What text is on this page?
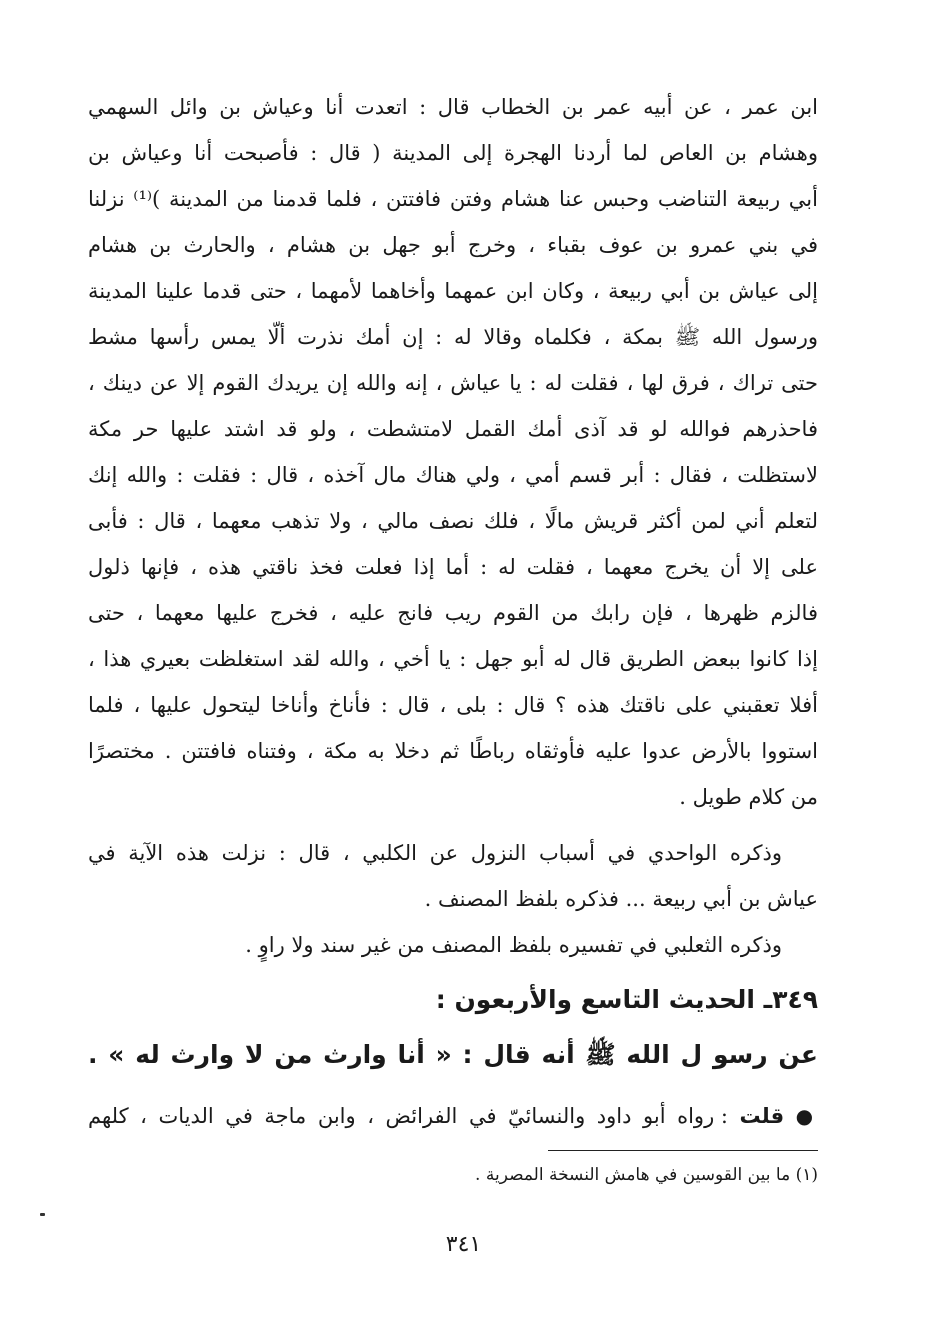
ابن عمر ، عن أبيه عمر بن الخطاب قال : اتعدت أنا وعياش بن وائل السهمي
وهشام بن العاص لما أردنا الهجرة إلى المدينة ( قال : فأصبحت أنا وعياش بن
أبي ربيعة التناضب وحبس عنا هشام وفتن فافتتن ، فلما قدمنا من المدينة )⁽¹⁾ نزلنا
في بني عمرو بن عوف بقباء ، وخرج أبو جهل بن هشام ، والحارث بن هشام
إلى عياش بن أبي ربيعة ، وكان ابن عمهما وأخاهما لأمهما ، حتى قدما علينا المدينة
ورسول الله ﷺ بمكة ، فكلماه وقالا له : إن أمك نذرت ألّا يمس رأسها مشط
حتى تراك ، فرق لها ، فقلت له : يا عياش ، إنه والله إن يريدك القوم إلا عن دينك ،
فاحذرهم فوالله لو قد آذى أمك القمل لامتشطت ، ولو قد اشتد عليها حر مكة
لاستظلت ، فقال : أبر قسم أمي ، ولي هناك مال آخذه ، قال : فقلت : والله إنك
لتعلم أني لمن أكثر قريش مالًا ، فلك نصف مالي ، ولا تذهب معهما ، قال : فأبى
على إلا أن يخرج معهما ، فقلت له : أما إذا فعلت فخذ ناقتي هذه ، فإنها ذلول
فالزم ظهرها ، فإن رابك من القوم ريب فانج عليه ، فخرج عليها معهما ، حتى
إذا كانوا ببعض الطريق قال له أبو جهل : يا أخي ، والله لقد استغلظت بعيري هذا ،
أفلا تعقبني على ناقتك هذه ؟ قال : بلى ، قال : فأناخ وأناخا ليتحول عليها ، فلما
استووا بالأرض عدوا عليه فأوثقاه رباطًا ثم دخلا به مكة ، وفتناه فافتتن . مختصرًا
من كلام طويل .
وذكره الواحدي في أسباب النزول عن الكلبي ، قال : نزلت هذه الآية في
عياش بن أبي ربيعة ... فذكره بلفظ المصنف .
وذكره الثعلبي في تفسيره بلفظ المصنف من غير سند ولا راوٍ .
٣٤٩ـ الحديث التاسع والأربعون :
عن رسو ل الله ﷺ أنه قال : « أنا وارث من لا وارث له » .
● قلت : رواه أبو داود والنسائيّ في الفرائض ، وابن ماجة في الديات ، كلهم
(١) ما بين القوسين في هامش النسخة المصرية .
٣٤١
